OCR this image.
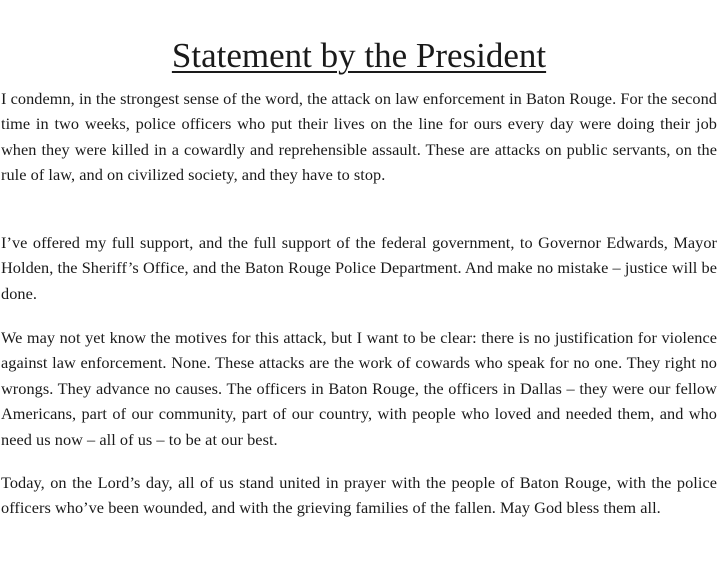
Statement by the President

I condemn, in the strongest sense of the word, the attack on law enforcement in Baton Rouge. For the second time in two weeks, police officers who put their lives on the line for ours every day were doing their job when they were killed in a cowardly and reprehensible assault. These are attacks on public servants, on the rule of law, and on civilized society, and they have to stop.

I’ve offered my full support, and the full support of the federal government, to Governor Edwards, Mayor Holden, the Sheriff’s Office, and the Baton Rouge Police Department. And make no mistake – justice will be done.

We may not yet know the motives for this attack, but I want to be clear: there is no justification for violence against law enforcement. None. These attacks are the work of cowards who speak for no one. They right no wrongs. They advance no causes. The officers in Baton Rouge, the officers in Dallas – they were our fellow Americans, part of our community, part of our country, with people who loved and needed them, and who need us now – all of us – to be at our best.

Today, on the Lord’s day, all of us stand united in prayer with the people of Baton Rouge, with the police officers who’ve been wounded, and with the grieving families of the fallen. May God bless them all.
